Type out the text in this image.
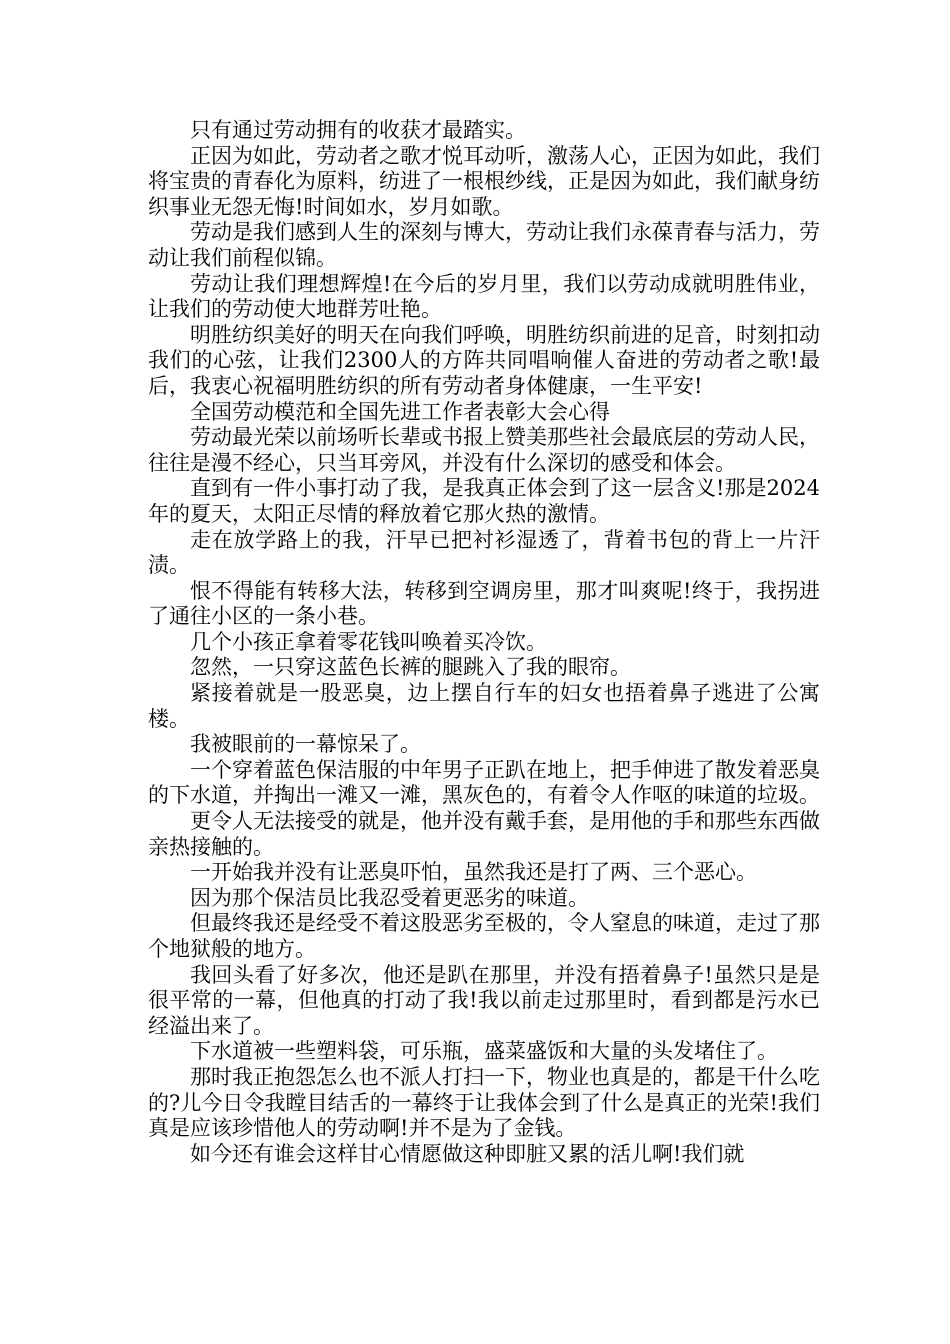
只有通过劳动拥有的收获才最踏实。

正因为如此，劳动者之歌才悦耳动听，激荡人心，正因为如此，我们将宝贵的青春化为原料，纺进了一根根纱线，正是因为如此，我们献身纺织事业无怨无悔!时间如水，岁月如歌。

劳动是我们感到人生的深刻与博大，劳动让我们永葆青春与活力，劳动让我们前程似锦。

劳动让我们理想辉煌!在今后的岁月里，我们以劳动成就明胜伟业，让我们的劳动使大地群芳吐艳。

明胜纺织美好的明天在向我们呼唤，明胜纺织前进的足音，时刻扣动我们的心弦，让我们2300人的方阵共同唱响催人奋进的劳动者之歌!最后，我衷心祝福明胜纺织的所有劳动者身体健康，一生平安!

全国劳动模范和全国先进工作者表彰大会心得

劳动最光荣以前场听长辈或书报上赞美那些社会最底层的劳动人民，往往是漫不经心，只当耳旁风，并没有什么深切的感受和体会。

直到有一件小事打动了我，是我真正体会到了这一层含义!那是2024年的夏天，太阳正尽情的释放着它那火热的激情。

走在放学路上的我，汗早已把衬衫湿透了，背着书包的背上一片汗渍。

恨不得能有转移大法，转移到空调房里，那才叫爽呢!终于，我拐进了通往小区的一条小巷。

几个小孩正拿着零花钱叫唤着买冷饮。

忽然，一只穿这蓝色长裤的腿跳入了我的眼帘。

紧接着就是一股恶臭，边上摆自行车的妇女也捂着鼻子逃进了公寓楼。

我被眼前的一幕惊呆了。

一个穿着蓝色保洁服的中年男子正趴在地上，把手伸进了散发着恶臭的下水道，并掏出一滩又一滩，黑灰色的，有着令人作呕的味道的垃圾。

更令人无法接受的就是，他并没有戴手套，是用他的手和那些东西做亲热接触的。

一开始我并没有让恶臭吓怕，虽然我还是打了两、三个恶心。

因为那个保洁员比我忍受着更恶劣的味道。

但最终我还是经受不着这股恶劣至极的，令人窒息的味道，走过了那个地狱般的地方。

我回头看了好多次，他还是趴在那里，并没有捂着鼻子!虽然只是是很平常的一幕，但他真的打动了我!我以前走过那里时，看到都是污水已经溢出来了。

下水道被一些塑料袋，可乐瓶，盛菜盛饭和大量的头发堵住了。

那时我正抱怨怎么也不派人打扫一下，物业也真是的，都是干什么吃的?儿今日令我瞠目结舌的一幕终于让我体会到了什么是真正的光荣!我们真是应该珍惜他人的劳动啊!并不是为了金钱。

如今还有谁会这样甘心情愿做这种即脏又累的活儿啊!我们就
